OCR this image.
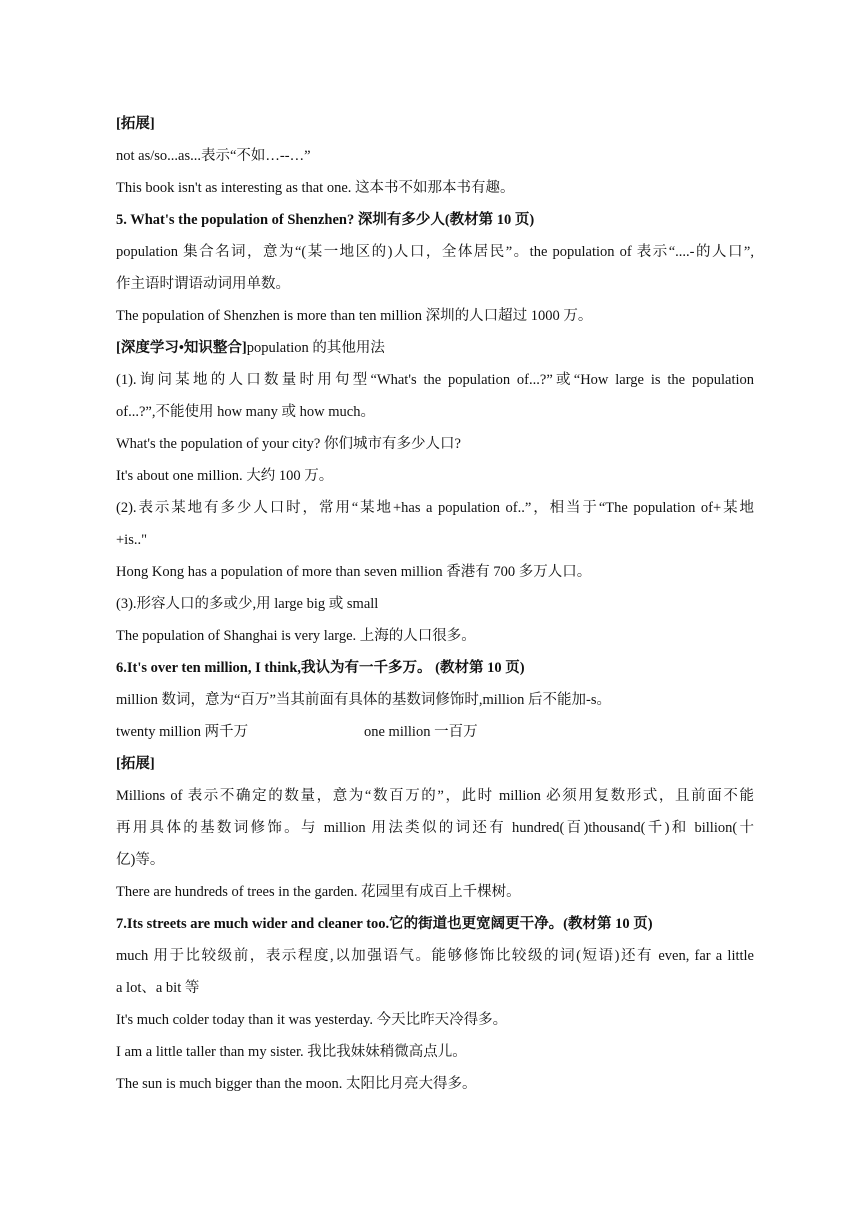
[拓展]
not as/so...as...表示“不如…--…”
This book isn't as interesting as that one. 这本书不如那本书有趣。
5. What's the population of Shenzhen? 深圳有多少人(教材第 10 页)
population 集合名词，意为“(某一地区的)人口，全体居民”。the population of 表示“....-的人口”,
作主语时谓语动词用单数。
The population of Shenzhen is more than ten million 深圳的人口超过 1000 万。
[深度学习•知识整合]population 的其他用法
(1).询问某地的人口数量时用句型“What's the population of...?”或“How large is the population
of...?”,不能使用 how many 或 how much。
What's the population of your city? 你们城市有多少人口?
It's about one million. 大约 100 万。
(2).表示某地有多少人口时，常用“某地+has a population of..”，相当于“The population of+某地
+is.."
Hong Kong has a population of more than seven million 香港有 700 多万人口。
(3).形容人口的多或少,用 large big 或 small
The population of Shanghai is very large. 上海的人口很多。
6.It's over ten million, I think,我认为有一千多万。 (教材第 10 页)
million 数词，意为“百万”当其前面有具体的基数词修饰时,million 后不能加-s。
twenty million 两千万	one million 一百万
[拓展]
Millions of 表示不确定的数量，意为“数百万的”，此时 million 必须用复数形式，且前面不能
再用具体的基数词修饰。与 million 用法类似的词还有 hundred(百)thousand(千)和 billion(十
亿)等。
There are hundreds of trees in the garden. 花园里有成百上千棵树。
7.Its streets are much wider and cleaner too.它的街道也更宽阔更干净。(教材第 10 页)
much 用于比较级前，表示程度,以加强语气。能够修饰比较级的词(短语)还有 even, far a little
a lot、a bit 等
It's much colder today than it was yesterday. 今天比昨天冷得多。
I am a little taller than my sister. 我比我妹妹稍微高点儿。
The sun is much bigger than the moon. 太阳比月亮大得多。
